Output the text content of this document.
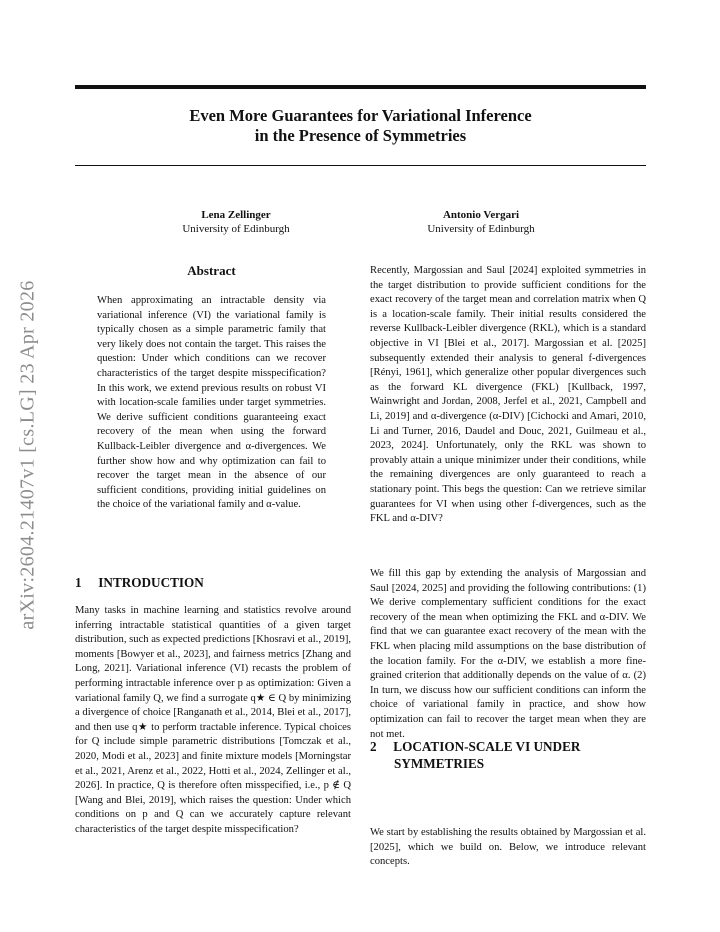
Even More Guarantees for Variational Inference
in the Presence of Symmetries
Lena Zellinger
University of Edinburgh
Antonio Vergari
University of Edinburgh
arXiv:2604.21407v1 [cs.LG] 23 Apr 2026
Abstract
When approximating an intractable density via variational inference (VI) the variational family is typically chosen as a simple parametric family that very likely does not contain the target. This raises the question: Under which conditions can we recover characteristics of the target despite misspecification? In this work, we extend previous results on robust VI with location-scale families under target symmetries. We derive sufficient conditions guaranteeing exact recovery of the mean when using the forward Kullback-Leibler divergence and α-divergences. We further show how and why optimization can fail to recover the target mean in the absence of our sufficient conditions, providing initial guidelines on the choice of the variational family and α-value.
1 INTRODUCTION

Many tasks in machine learning and statistics revolve around inferring intractable statistical quantities of a given target distribution, such as expected predictions [Khosravi et al., 2019], moments [Bowyer et al., 2023], and fairness metrics [Zhang and Long, 2021]. Variational inference (VI) recasts the problem of performing intractable inference over p as optimization: Given a variational family Q, we find a surrogate q★ ∈ Q by minimizing a divergence of choice [Ranganath et al., 2014, Blei et al., 2017], and then use q★ to perform tractable inference. Typical choices for Q include simple parametric distributions [Tomczak et al., 2020, Modi et al., 2023] and finite mixture models [Morningstar et al., 2021, Arenz et al., 2022, Hotti et al., 2024, Zellinger et al., 2026]. In practice, Q is therefore often misspecified, i.e., p ∉ Q [Wang and Blei, 2019], which raises the question: Under which conditions on p and Q can we accurately capture relevant characteristics of the target despite misspecification?

Recently, Margossian and Saul [2024] exploited symmetries in the target distribution to provide sufficient conditions for the exact recovery of the target mean and correlation matrix when Q is a location-scale family. Their initial results considered the reverse Kullback-Leibler divergence (RKL), which is a standard objective in VI [Blei et al., 2017]. Margossian et al. [2025] subsequently extended their analysis to general f-divergences [Rényi, 1961], which generalize other popular divergences such as the forward KL divergence (FKL) [Kullback, 1997, Wainwright and Jordan, 2008, Jerfel et al., 2021, Campbell and Li, 2019] and α-divergence (α-DIV) [Cichocki and Amari, 2010, Li and Turner, 2016, Daudel and Douc, 2021, Guilmeau et al., 2023, 2024]. Unfortunately, only the RKL was shown to provably attain a unique minimizer under their conditions, while the remaining divergences are only guaranteed to reach a stationary point. This begs the question: Can we retrieve similar guarantees for VI when using other f-divergences, such as the FKL and α-DIV?

We fill this gap by extending the analysis of Margossian and Saul [2024, 2025] and providing the following contributions: (1) We derive complementary sufficient conditions for the exact recovery of the mean when optimizing the FKL and α-DIV. We find that we can guarantee exact recovery of the mean with the FKL when placing mild assumptions on the base distribution of the location family. For the α-DIV, we establish a more fine-grained criterion that additionally depends on the value of α. (2) In turn, we discuss how our sufficient conditions can inform the choice of variational family in practice, and show how optimization can fail to recover the target mean when they are not met.

2 LOCATION-SCALE VI UNDER
SYMMETRIES

We start by establishing the results obtained by Margossian et al. [2025], which we build on. Below, we introduce relevant concepts.
